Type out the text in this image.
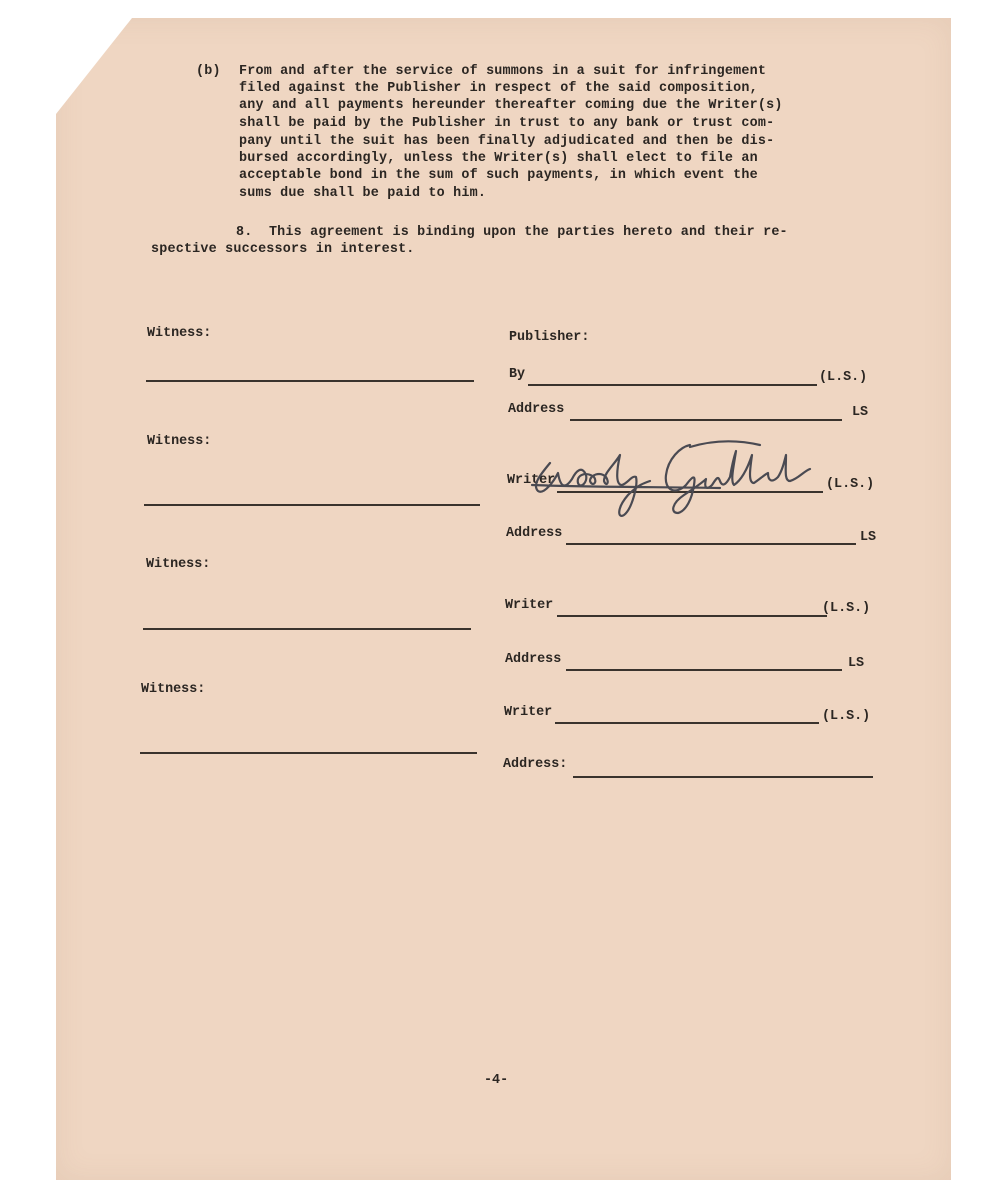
(b) From and after the service of summons in a suit for infringement
filed against the Publisher in respect of the said composition,
any and all payments hereunder thereafter coming due the Writer(s)
shall be paid by the Publisher in trust to any bank or trust com-
pany until the suit has been finally adjudicated and then be dis-
bursed accordingly, unless the Writer(s) shall elect to file an
acceptable bond in the sum of such payments, in which event the
sums due shall be paid to him.
8.  This agreement is binding upon the parties hereto and their re-
spective successors in interest.
Witness:
Witness:
Witness:
Witness:
Publisher:
By	(L.S.)
Address	LS
Writer	(L.S.)
Address	LS
Writer	(L.S.)
Address	LS
Writer	(L.S.)
Address:
-4-
